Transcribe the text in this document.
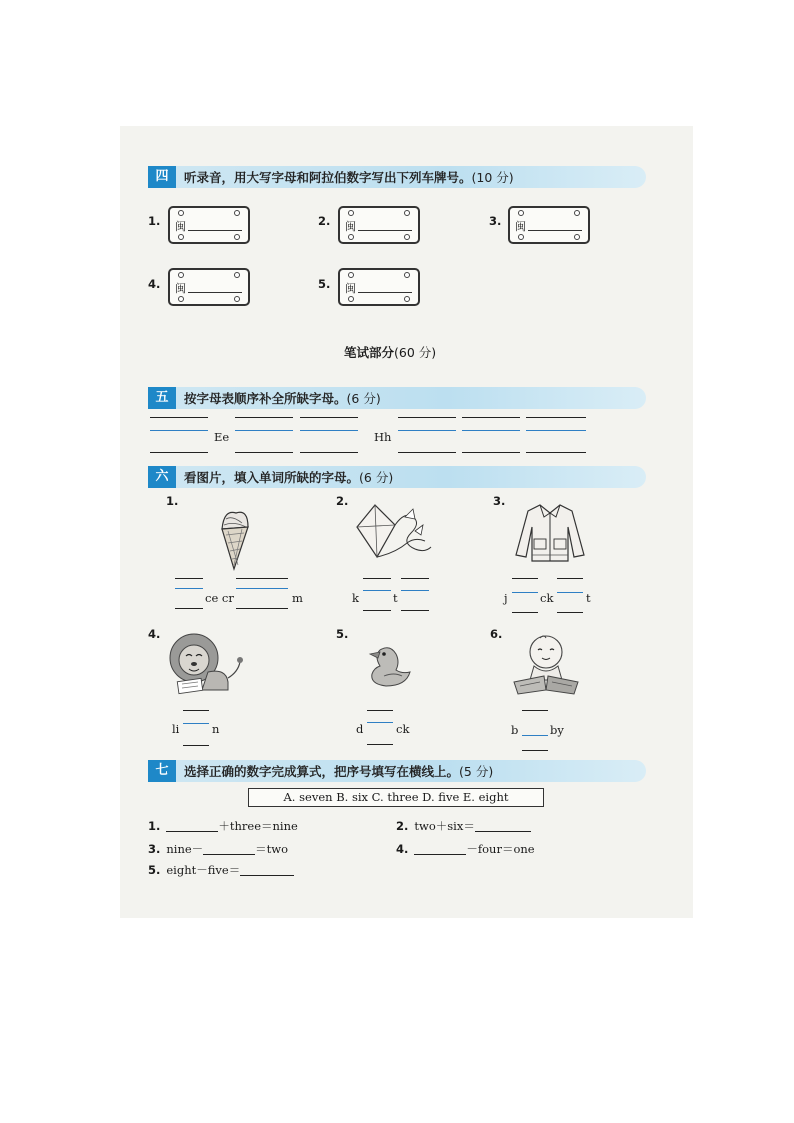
四	听录音，用大写字母和阿拉伯数字写出下列车牌号。(10 分)
1. 闽	2. 闽	3. 闽
4. 闽	5. 闽
笔试部分(60 分)
五	按字母表顺序补全所缺字母。(6 分)
Ee	Hh
六	看图片，填入单词所缺的字母。(6 分)
1.
ce cr	m
2.
k	t
3.
j	ck	t
4.
li	n
5.
d	ck
6.
b	by
七	选择正确的数字完成算式，把序号填写在横线上。(5 分)
A. seven B. six C. three D. five E. eight
1.	＋three＝nine	2. two＋six＝
3. nine－	＝two	4.	－four＝one
5. eight－five＝
